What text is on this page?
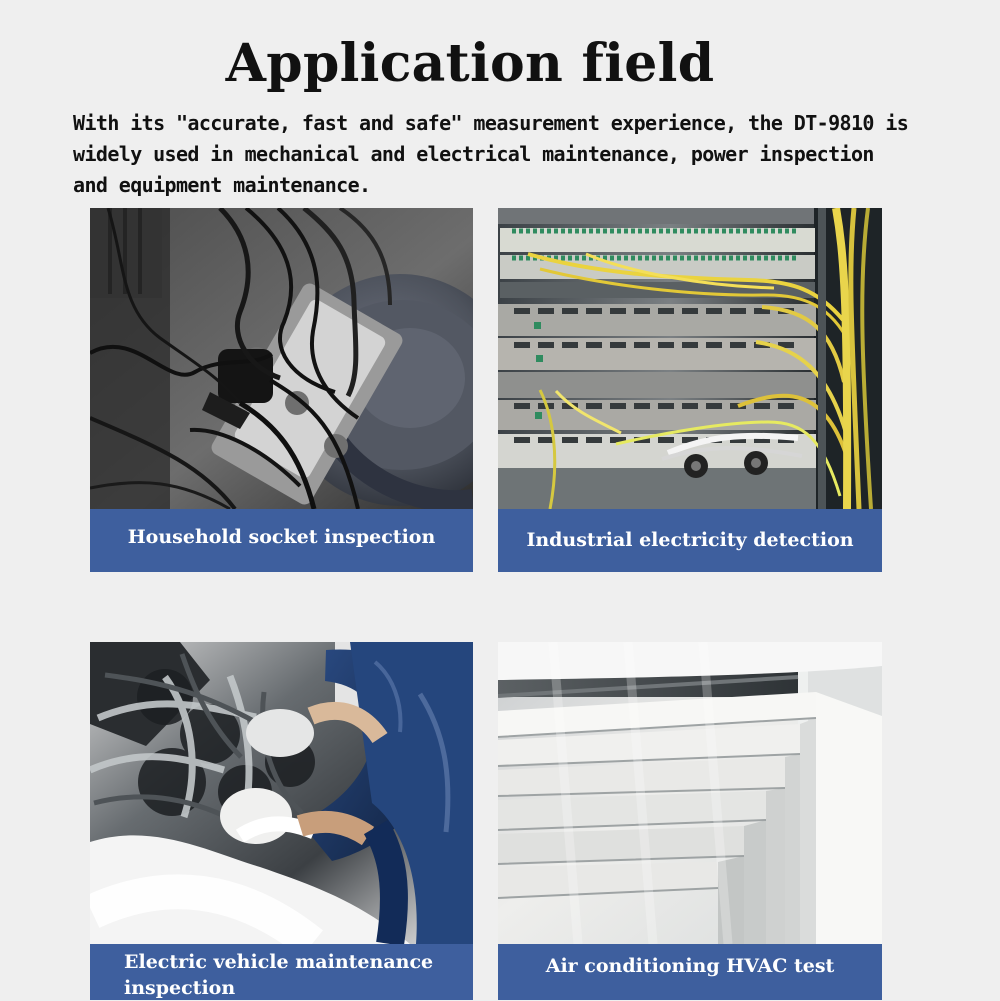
Application field
With its "accurate, fast and safe" measurement experience, the DT-9810 is
widely used in mechanical and electrical maintenance, power inspection
and equipment maintenance.
Household socket inspection	Industrial electricity detection
Electric vehicle maintenance
inspection
Air conditioning HVAC test
